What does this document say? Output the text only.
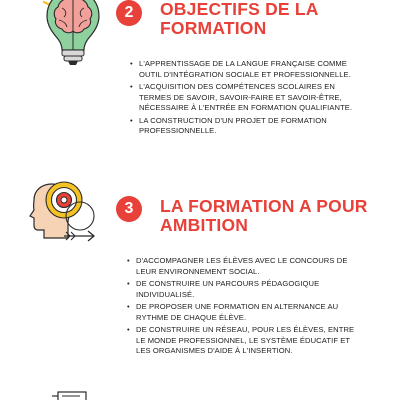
2	OBJECTIFS DE LA
FORMATION
• L'APPRENTISSAGE DE LA LANGUE FRANÇAISE COMME OUTIL D'INTÉGRATION SOCIALE ET PROFESSIONNELLE.
• L'ACQUISITION DES COMPÉTENCES SCOLAIRES EN TERMES DE SAVOIR, SAVOIR-FAIRE ET SAVOIR-ÊTRE, NÉCESSAIRE À L'ENTRÉE EN FORMATION QUALIFIANTE.
• LA CONSTRUCTION D'UN PROJET DE FORMATION PROFESSIONNELLE.
3	LA FORMATION A POUR
AMBITION
• D'ACCOMPAGNER LES ÉLÈVES AVEC LE CONCOURS DE LEUR ENVIRONNEMENT SOCIAL.
• DE CONSTRUIRE UN PARCOURS PÉDAGOGIQUE INDIVIDUALISÉ.
• DE PROPOSER UNE FORMATION EN ALTERNANCE AU RYTHME DE CHAQUE ÉLÈVE.
• DE CONSTRUIRE UN RÉSEAU, POUR LES ÉLÈVES, ENTRE LE MONDE PROFESSIONNEL, LE SYSTÈME ÉDUCATIF ET LES ORGANISMES D'AIDE À L'INSERTION.
